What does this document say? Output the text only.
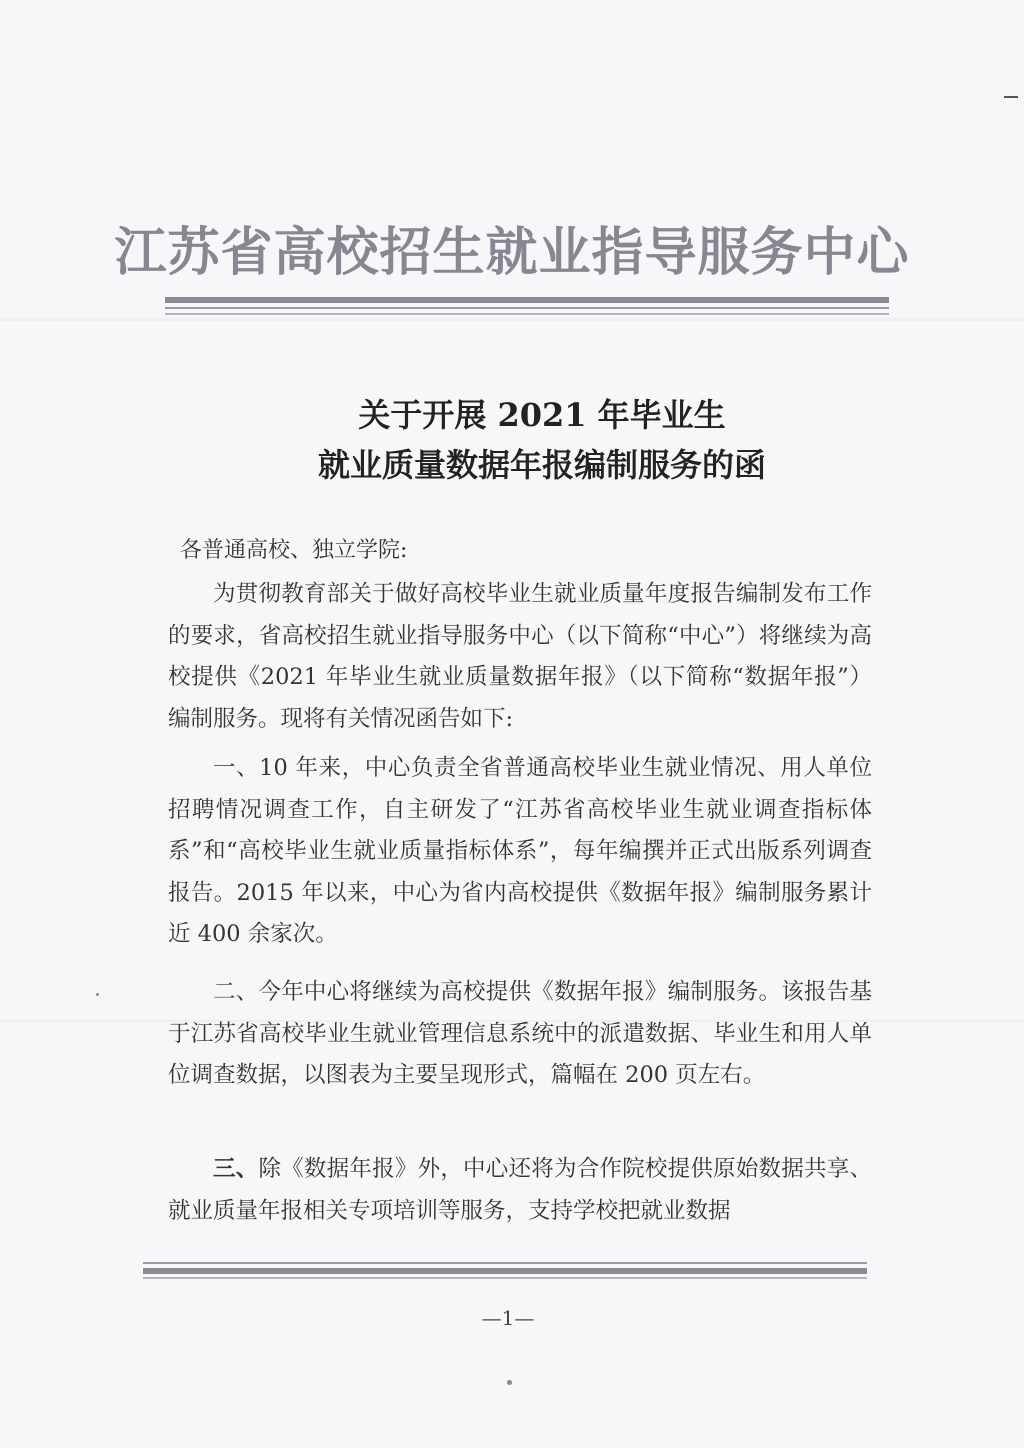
江苏省高校招生就业指导服务中心
关于开展 2021 年毕业生
就业质量数据年报编制服务的函
各普通高校、独立学院:

为贯彻教育部关于做好高校毕业生就业质量年度报告编制发布工作的要求，省高校招生就业指导服务中心（以下简称“中心”）将继续为高校提供《2021 年毕业生就业质量数据年报》（以下简称“数据年报”）编制服务。现将有关情况函告如下:

一、10 年来，中心负责全省普通高校毕业生就业情况、用人单位招聘情况调查工作，自主研发了“江苏省高校毕业生就业调查指标体系”和“高校毕业生就业质量指标体系”，每年编撰并正式出版系列调查报告。2015 年以来，中心为省内高校提供《数据年报》编制服务累计近 400 余家次。

二、今年中心将继续为高校提供《数据年报》编制服务。该报告基于江苏省高校毕业生就业管理信息系统中的派遣数据、毕业生和用人单位调查数据，以图表为主要呈现形式，篇幅在 200 页左右。

三、除《数据年报》外，中心还将为合作院校提供原始数据共享、就业质量年报相关专项培训等服务，支持学校把就业数据

—1—
